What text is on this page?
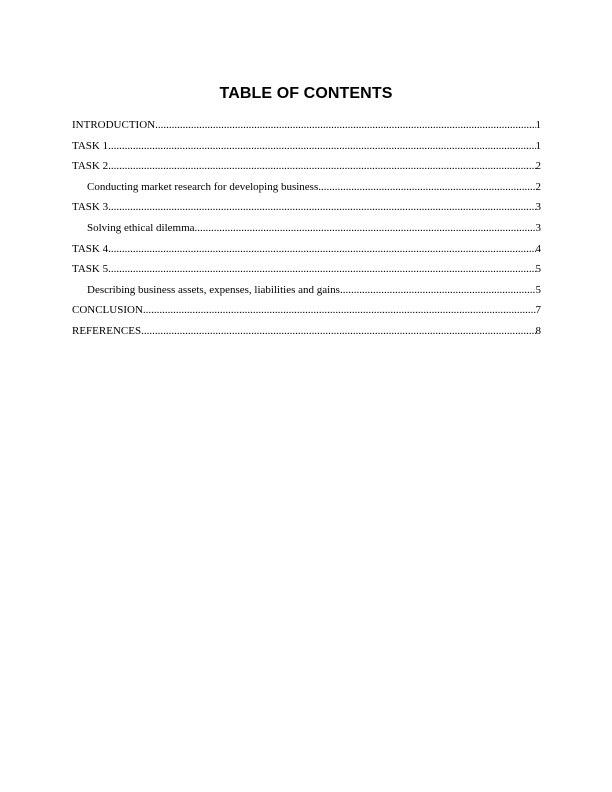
TABLE OF CONTENTS
INTRODUCTION .....	1
TASK 1 .....	1
TASK 2 .....	2
Conducting market research for developing business .....	2
TASK 3 .....	3
Solving ethical dilemma .....	3
TASK 4 .....	4
TASK 5 .....	5
Describing business assets, expenses, liabilities and gains .....	5
CONCLUSION .....	7
REFERENCES .....	8
